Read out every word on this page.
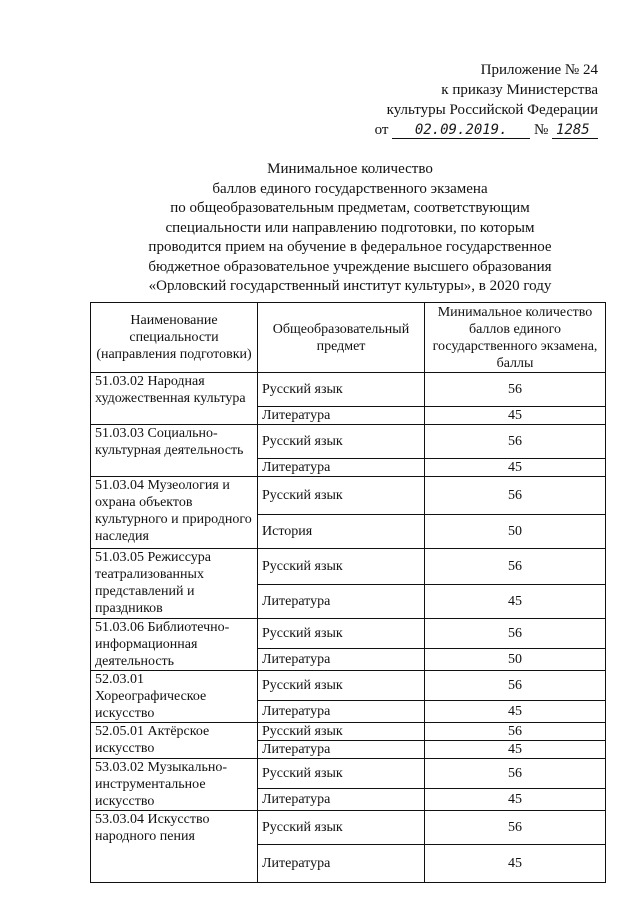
Приложение № 24
к приказу Министерства
культуры Российской Федерации
от 02.09.2019. № 1285
Минимальное количество
баллов единого государственного экзамена
по общеобразовательным предметам, соответствующим
специальности или направлению подготовки, по которым
проводится прием на обучение в федеральное государственное
бюджетное образовательное учреждение высшего образования
«Орловский государственный институт культуры», в 2020 году
Наименование специальности (направления подготовки)	Общеобразовательный предмет	Минимальное количество баллов единого государственного экзамена, баллы
51.03.02 Народная художественная культура	Русский язык	56
	Литература	45
51.03.03 Социально-культурная деятельность	Русский язык	56
	Литература	45
51.03.04 Музеология и охрана объектов культурного и природного наследия	Русский язык	56
	История	50
51.03.05 Режиссура театрализованных представлений и праздников	Русский язык	56
	Литература	45
51.03.06 Библиотечно-информационная деятельность	Русский язык	56
	Литература	50
52.03.01 Хореографическое искусство	Русский язык	56
	Литература	45
52.05.01 Актёрское искусство	Русский язык	56
	Литература	45
53.03.02 Музыкально-инструментальное искусство	Русский язык	56
	Литература	45
53.03.04 Искусство народного пения	Русский язык	56
	Литература	45
